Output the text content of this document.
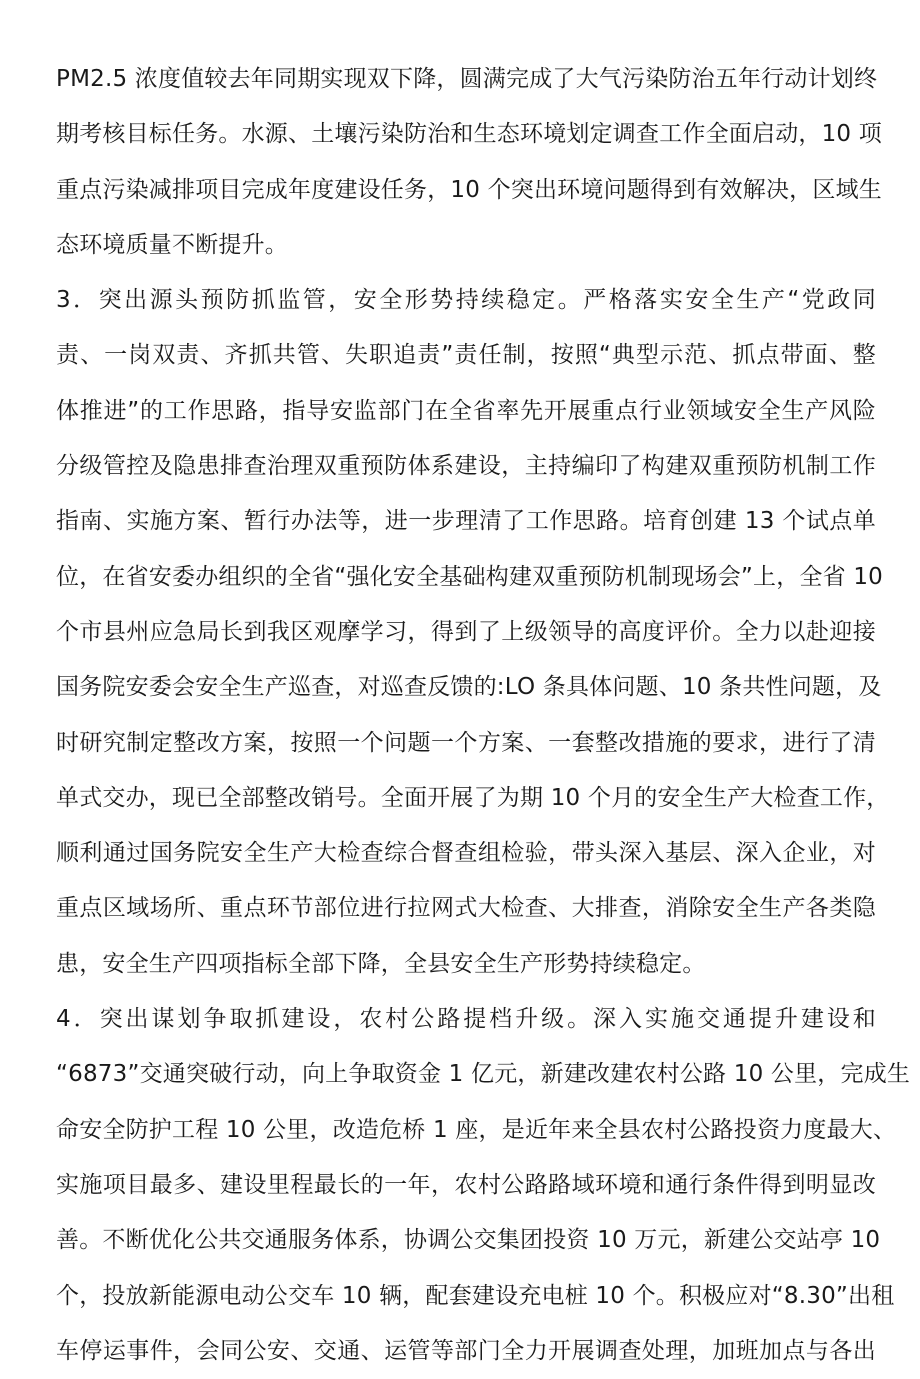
PM2.5 浓度值较去年同期实现双下降，圆满完成了大气污染防治五年行动计划终
期考核目标任务。水源、土壤污染防治和生态环境划定调查工作全面启动，10 项
重点污染减排项目完成年度建设任务，10 个突出环境问题得到有效解决，区域生
态环境质量不断提升。
3．突出源头预防抓监管，安全形势持续稳定。严格落实安全生产“党政同
责、一岗双责、齐抓共管、失职追责”责任制，按照“典型示范、抓点带面、整
体推进”的工作思路，指导安监部门在全省率先开展重点行业领域安全生产风险
分级管控及隐患排查治理双重预防体系建设，主持编印了构建双重预防机制工作
指南、实施方案、暂行办法等，进一步理清了工作思路。培育创建 13 个试点单
位，在省安委办组织的全省“强化安全基础构建双重预防机制现场会”上，全省 10
个市县州应急局长到我区观摩学习，得到了上级领导的高度评价。全力以赴迎接
国务院安委会安全生产巡查，对巡查反馈的:LO 条具体问题、10 条共性问题，及
时研究制定整改方案，按照一个问题一个方案、一套整改措施的要求，进行了清
单式交办，现已全部整改销号。全面开展了为期 10 个月的安全生产大检查工作，
顺利通过国务院安全生产大检查综合督查组检验，带头深入基层、深入企业，对
重点区域场所、重点环节部位进行拉网式大检查、大排查，消除安全生产各类隐
患，安全生产四项指标全部下降，全县安全生产形势持续稳定。
4．突出谋划争取抓建设，农村公路提档升级。深入实施交通提升建设和
“6873”交通突破行动，向上争取资金 1 亿元，新建改建农村公路 10 公里，完成生
命安全防护工程 10 公里，改造危桥 1 座，是近年来全县农村公路投资力度最大、
实施项目最多、建设里程最长的一年，农村公路路域环境和通行条件得到明显改
善。不断优化公共交通服务体系，协调公交集团投资 10 万元，新建公交站亭 10
个，投放新能源电动公交车 10 辆，配套建设充电桩 10 个。积极应对“8.30”出租
车停运事件，会同公安、交通、运管等部门全力开展调查处理，加班加点与各出
